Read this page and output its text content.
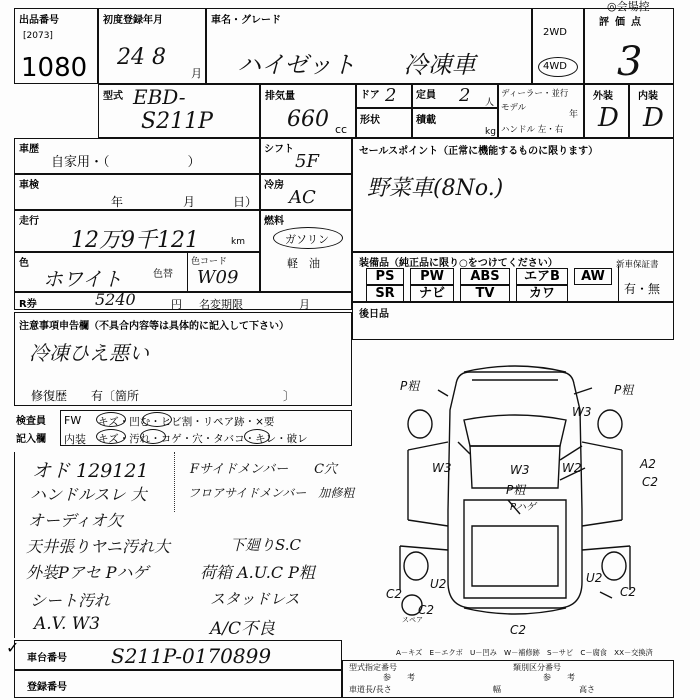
◎会場控
出品番号
[2073]
1080
初度登録年月
24 8
月
車名・グレード
ハイゼット　　冷凍車
2WD
4WD
評価点
3
型式 EBD-
S211P
排気量
660 cc
ドア 2 定員 2 人
形状	積載
kg
ディーラー・並行
モデル
年
ハンドル 左・右
外装
D
内装
D
車歴
自家用・（　　　　　　）
車検
年	月	日）
走行
12万9千121	km
色
ホワイト	色替
色コード
W09
R券	5240	円 名変期限	月
シフト
5F
冷房
AC
燃料
ガソリン
軽　油
セールスポイント（正常に機能するものに限ります）
野菜車(8No.)
装備品（純正品に限り○をつけてください）
PS	PW	ABS	エアB	AW
SR	ナビ	TV	カワ
新車保証書
有・無
後日品
注意事項申告欄（不具合内容等は具体的に記入して下さい）
冷凍ひえ悪い
修復歴　　有〔箇所　　　　　　　　　　　　〕
検査員
記入欄
FW キズ・凹む・ヒビ割・リペア跡・×要
内装 キズ・汚れ・コゲ・穴・タバコ・キレ・破レ
オド 129121
ハンドルスレ 大
オーディオ欠
天井張りヤニ汚れ大
外装Pアセ Pハゲ
シート汚れ
A.V. W3
Fサイドメンバー　　C穴
フロアサイドメンバー　加修粗
下廻りS.C
荷箱 A.U.C P粗
スタッドレス
A/C不良
P粗	P粗
W3
W3	W3	W2	A2
C2
P粗
Pハゲ
U2
C2
C2
U2
C2
C2
スペア
A－キズ　E－エクボ　U－凹み　W－補修跡　S－サビ　C－腐食　XX－交換済
車台番号 S211P-0170899
登録番号
型式指定番号	類別区分番号
参　　考	参　　考
車道長/長さ	幅	高さ
✓
